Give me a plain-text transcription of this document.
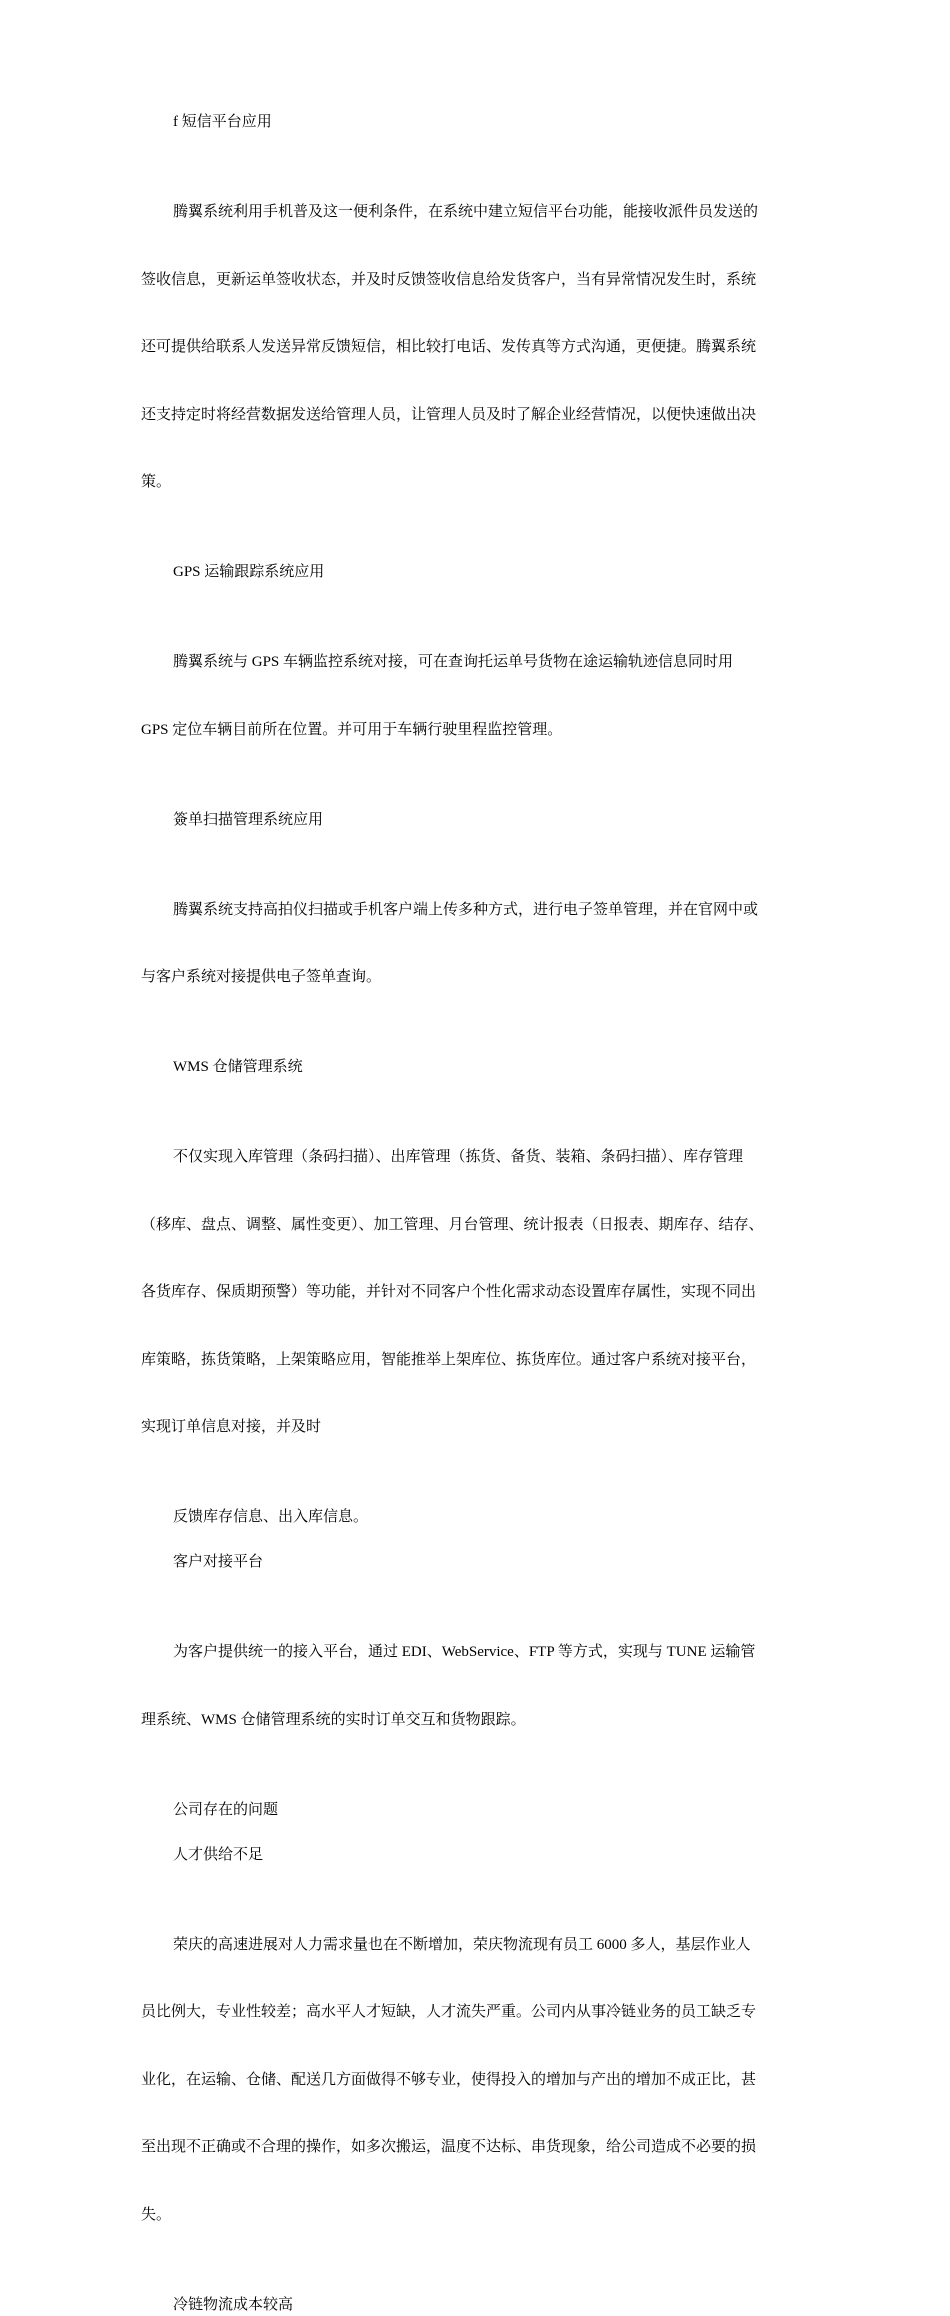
f 短信平台应用

腾翼系统利用手机普及这一便利条件，在系统中建立短信平台功能，能接收派件员发送的

签收信息，更新运单签收状态，并及时反馈签收信息给发货客户，当有异常情况发生时，系统

还可提供给联系人发送异常反馈短信，相比较打电话、发传真等方式沟通，更便捷。腾翼系统

还支持定时将经营数据发送给管理人员，让管理人员及时了解企业经营情况，以便快速做出决

策。

GPS 运输跟踪系统应用

腾翼系统与 GPS 车辆监控系统对接，可在查询托运单号货物在途运输轨迹信息同时用

GPS 定位车辆目前所在位置。并可用于车辆行驶里程监控管理。

簽单扫描管理系统应用

腾翼系统支持高拍仪扫描或手机客户端上传多种方式，进行电子签单管理，并在官网中或

与客户系统对接提供电子签单查询。

WMS 仓储管理系统

不仅实现入库管理（条码扫描）、出库管理（拣货、备货、装箱、条码扫描）、库存管理

（移库、盘点、调整、属性变更）、加工管理、月台管理、统计报表（日报表、期库存、结存、

各货库存、保质期预警）等功能，并针对不同客户个性化需求动态设置库存属性，实现不同出

库策略，拣货策略，上架策略应用，智能推举上架库位、拣货库位。通过客户系统对接平台，

实现订单信息对接，并及时

反馈库存信息、出入库信息。

客户对接平台

为客户提供统一的接入平台，通过 EDI、WebService、FTP 等方式，实现与 TUNE 运输管

理系统、WMS 仓储管理系统的实时订单交互和货物跟踪。

公司存在的问题

人才供给不足

荣庆的高速进展对人力需求量也在不断增加，荣庆物流现有员工 6000 多人，基层作业人

员比例大，专业性较差；高水平人才短缺，人才流失严重。公司内从事冷链业务的员工缺乏专

业化，在运输、仓储、配送几方面做得不够专业，使得投入的增加与产出的增加不成正比，甚

至出现不正确或不合理的操作，如多次搬运，温度不达标、串货现象，给公司造成不必要的损

失。

冷链物流成本较高
